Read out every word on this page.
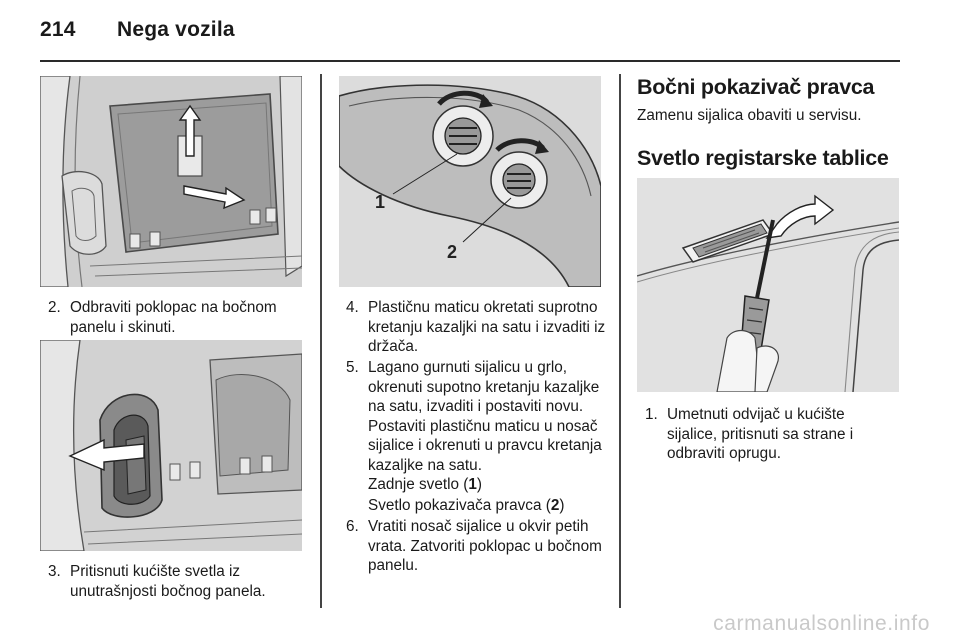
214 Nega vozila
2. Odbraviti poklopac na bočnom panelu i skinuti.
3. Pritisnuti kućište svetla iz unutrašnjosti bočnog panela.
1
2
4. Plastičnu maticu okretati suprotno kretanju kazaljki na satu i izvaditi iz držača.
5. Lagano gurnuti sijalicu u grlo, okrenuti supotno kretanju kazaljke na satu, izvaditi i postaviti novu. Postaviti plastičnu maticu u nosač sijalice i okrenuti u pravcu kretanja kazaljke na satu.
Zadnje svetlo (1)
Svetlo pokazivača pravca (2)
6. Vratiti nosač sijalice u okvir petih vrata. Zatvoriti poklopac u bočnom panelu.
Bočni pokazivač pravca
Zamenu sijalica obaviti u servisu.
Svetlo registarske tablice
1. Umetnuti odvijač u kućište sijalice, pritisnuti sa strane i odbraviti oprugu.
carmanualsonline.info
